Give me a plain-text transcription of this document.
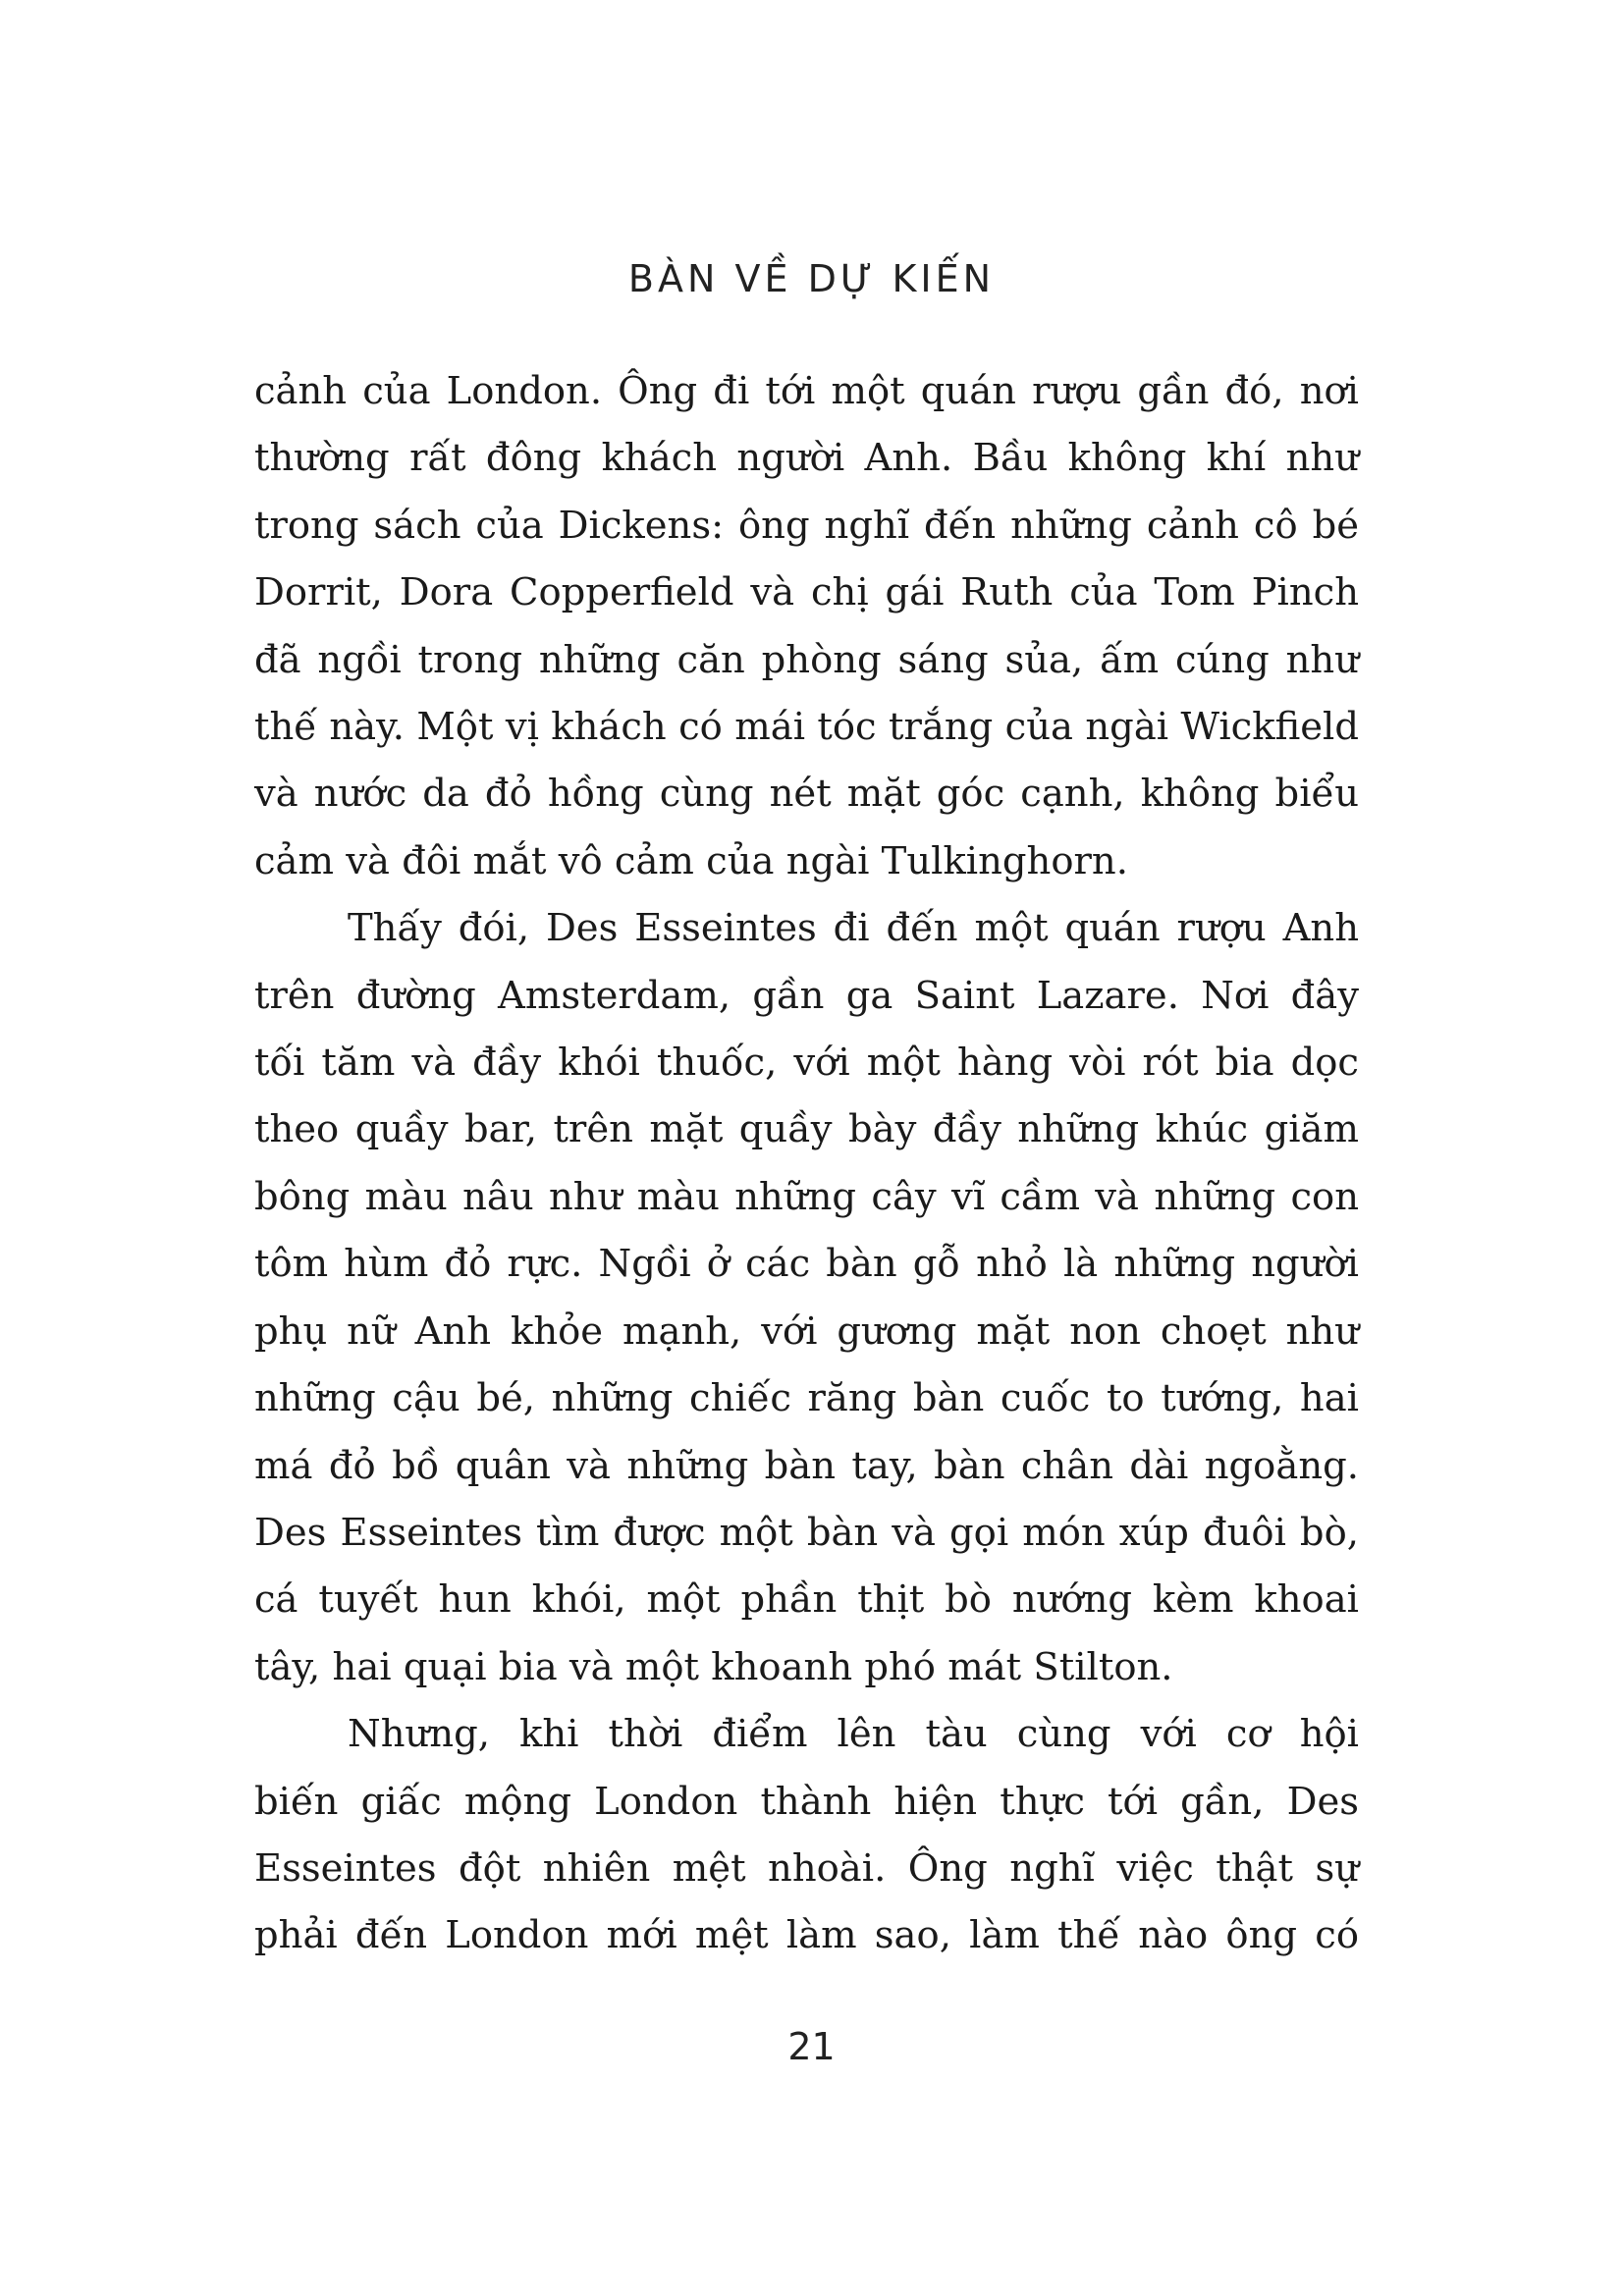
BÀN VỀ DỰ KIẾN
cảnh của London. Ông đi tới một quán rượu gần đó, nơi
thường rất đông khách người Anh. Bầu không khí như
trong sách của Dickens: ông nghĩ đến những cảnh cô bé
Dorrit, Dora Copperfield và chị gái Ruth của Tom Pinch
đã ngồi trong những căn phòng sáng sủa, ấm cúng như
thế này. Một vị khách có mái tóc trắng của ngài Wickfield
và nước da đỏ hồng cùng nét mặt góc cạnh, không biểu
cảm và đôi mắt vô cảm của ngài Tulkinghorn.
Thấy đói, Des Esseintes đi đến một quán rượu Anh
trên đường Amsterdam, gần ga Saint Lazare. Nơi đây
tối tăm và đầy khói thuốc, với một hàng vòi rót bia dọc
theo quầy bar, trên mặt quầy bày đầy những khúc giăm
bông màu nâu như màu những cây vĩ cầm và những con
tôm hùm đỏ rực. Ngồi ở các bàn gỗ nhỏ là những người
phụ nữ Anh khỏe mạnh, với gương mặt non choẹt như
những cậu bé, những chiếc răng bàn cuốc to tướng, hai
má đỏ bồ quân và những bàn tay, bàn chân dài ngoằng.
Des Esseintes tìm được một bàn và gọi món xúp đuôi bò,
cá tuyết hun khói, một phần thịt bò nướng kèm khoai
tây, hai quại bia và một khoanh phó mát Stilton.
Nhưng, khi thời điểm lên tàu cùng với cơ hội
biến giấc mộng London thành hiện thực tới gần, Des
Esseintes đột nhiên mệt nhoài. Ông nghĩ việc thật sự
phải đến London mới mệt làm sao, làm thế nào ông có
21
